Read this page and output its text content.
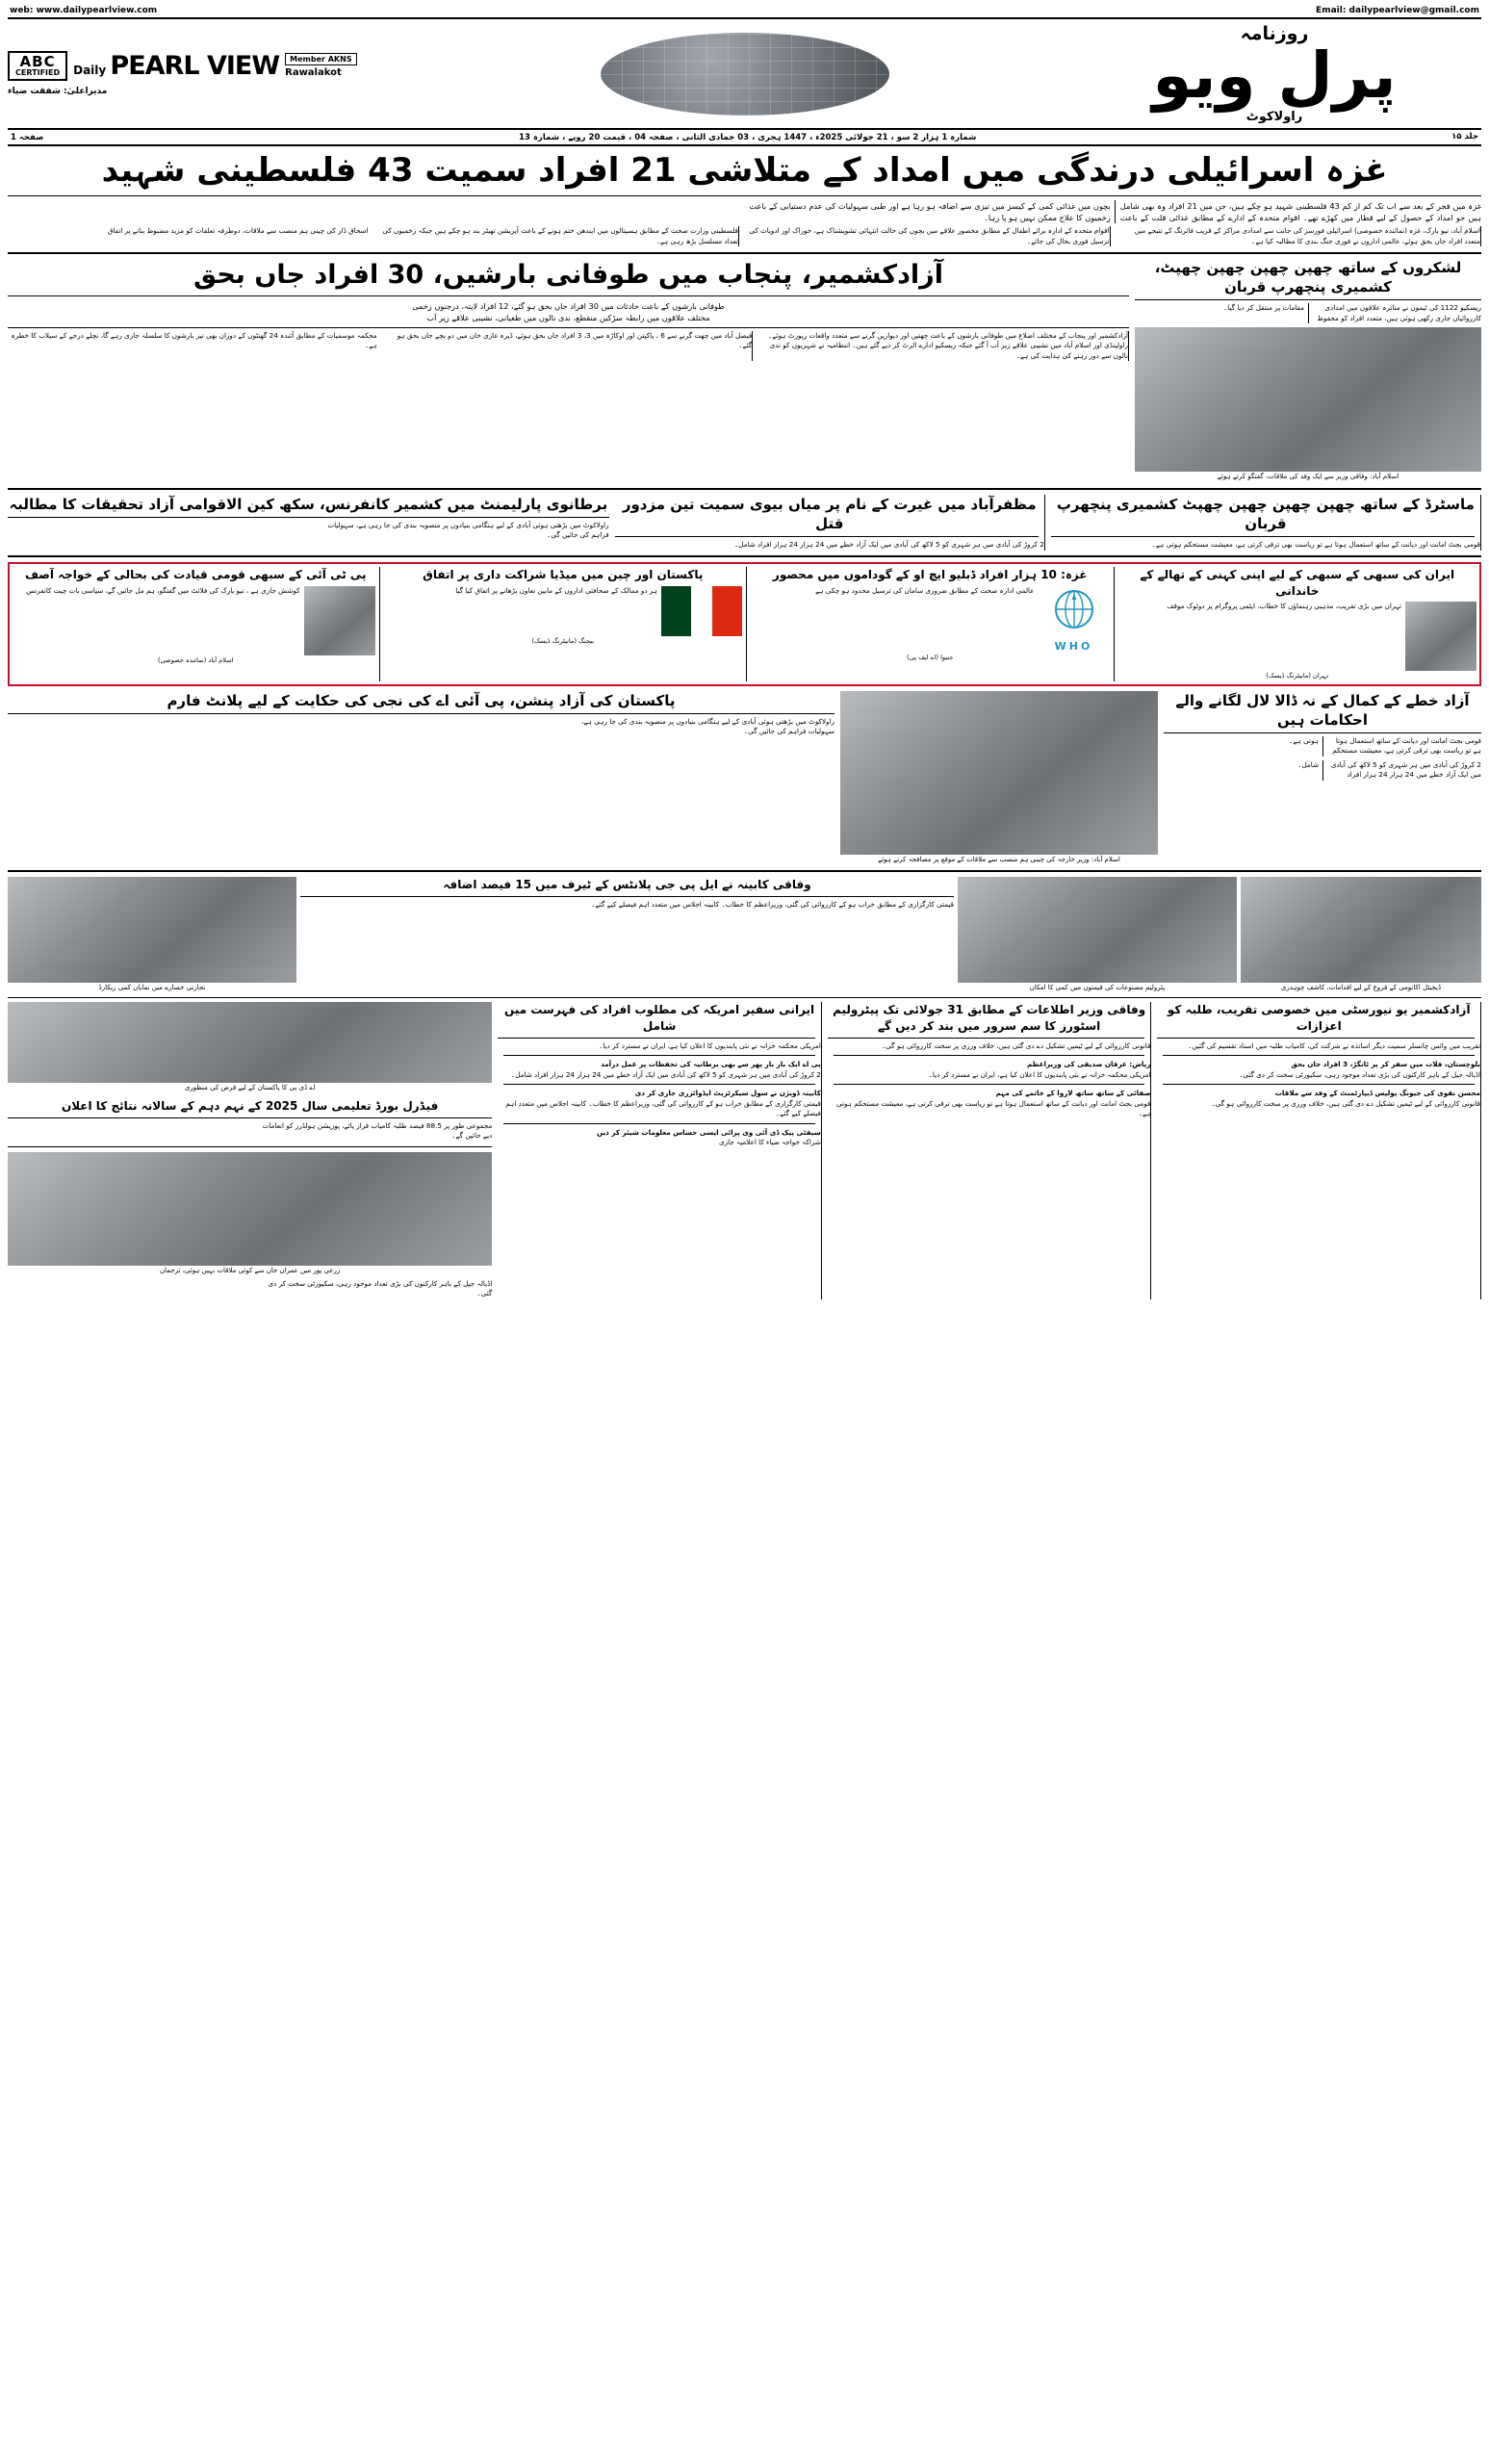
web: www.dailypearlview.com	Email: dailypearlview@gmail.com
روزنامہ
پرل ویو
راولاکوٹ
ABC
CERTIFIED	Daily PEARL VIEW	Member AKNS
Rawalakot
مدیراعلیٰ: شفقت ضیاء
جلد ۱۵
شمارہ 1 ہزار 2 سو ، 21 جولائی 2025ء ، 1447 ہجری ، 03 جمادی الثانی ، صفحہ 04 ، قیمت 20 روپے ، شمارہ 13
صفحہ 1
غزہ اسرائیلی درندگی میں امداد کے متلاشی 21 افراد سمیت 43 فلسطینی شہید
غزہ میں فجر کے بعد سے اب تک کم از کم 43 فلسطینی شہید ہو چکے ہیں، جن میں 21 افراد وہ بھی شامل ہیں جو امداد کے حصول کے لیے قطار میں کھڑے تھے۔ اقوام متحدہ کے ادارے کے مطابق غذائی قلت کے باعث بچوں میں غذائی کمی کے کیسز میں تیزی سے اضافہ ہو رہا ہے اور طبی سہولیات کی عدم دستیابی کے باعث زخمیوں کا علاج ممکن نہیں ہو پا رہا۔
اسلام آباد، نیو یارک، غزہ (نمائندہ خصوصی) اسرائیلی فورسز کی جانب سے امدادی مراکز کے قریب فائرنگ کے نتیجے میں متعدد افراد جاں بحق ہوئے، عالمی اداروں نے فوری جنگ بندی کا مطالبہ کیا ہے۔
اقوام متحدہ کے ادارہ برائے اطفال کے مطابق محصور علاقے میں بچوں کی حالت انتہائی تشویشناک ہے، خوراک اور ادویات کی ترسیل فوری بحال کی جائے۔
فلسطینی وزارت صحت کے مطابق ہسپتالوں میں ایندھن ختم ہونے کے باعث آپریشن تھیٹر بند ہو چکے ہیں جبکہ زخمیوں کی تعداد مسلسل بڑھ رہی ہے۔
اسحاق ڈار کی چینی ہم منصب سے ملاقات، دوطرفہ تعلقات کو مزید مضبوط بنانے پر اتفاق
لشکروں کے ساتھ چھپن چھپن چھپن چھپٹ، کشمیری پنچھرپ قربان
ریسکیو 1122 کی ٹیموں نے متاثرہ علاقوں میں امدادی کارروائیاں جاری رکھی ہوئی ہیں، متعدد افراد کو محفوظ مقامات پر منتقل کر دیا گیا۔
اسلام آباد: وفاقی وزیر سے ایک وفد کی ملاقات، گفتگو کرتے ہوئے
آزادکشمیر، پنجاب میں طوفانی بارشیں، 30 افراد جاں بحق
طوفانی بارشوں کے باعث حادثات میں 30 افراد جاں بحق ہو گئے، 12 افراد لاپتہ، درجنوں زخمی
مختلف علاقوں میں رابطہ سڑکیں منقطع، ندی نالوں میں طغیانی، نشیبی علاقے زیر آب
آزادکشمیر اور پنجاب کے مختلف اضلاع میں طوفانی بارشوں کے باعث چھتیں اور دیواریں گرنے سے متعدد واقعات رپورٹ ہوئے۔ راولپنڈی اور اسلام آباد میں نشیبی علاقے زیر آب آ گئے جبکہ ریسکیو ادارے الرٹ کر دیے گئے ہیں۔ انتظامیہ نے شہریوں کو ندی نالوں سے دور رہنے کی ہدایت کی ہے۔
فیصل آباد میں چھت گرنے سے 6 ، پاکپتن اور اوکاڑہ میں 3، 3 افراد جاں بحق ہوئے، ڈیرہ غازی خان میں دو بچے جاں بحق ہو گئے۔
محکمہ موسمیات کے مطابق آئندہ 24 گھنٹوں کے دوران بھی تیز بارشوں کا سلسلہ جاری رہے گا، نچلے درجے کے سیلاب کا خطرہ ہے۔
ماسٹرڈ کے ساتھ چھپن چھپن چھپن چھپٹ کشمیری پنچھرپ قربان
قومی بجٹ امانت اور دیانت کے ساتھ استعمال ہوتا ہے تو ریاست بھی ترقی کرتی ہے، معیشت مستحکم ہوتی ہے۔
مظفرآباد میں غیرت کے نام پر میاں بیوی سمیت تین مزدور قتل
2 کروڑ کی آبادی میں ہر شہری کو 5 لاکھ کی آبادی میں ایک آزاد خطے میں 24 ہزار 24 ہزار افراد شامل۔
برطانوی پارلیمنٹ میں کشمیر کانفرنس، سکھ کین الاقوامی آزاد تحقیقات کا مطالبہ
راولاکوٹ میں بڑھتی ہوئی آبادی کے لیے ہنگامی بنیادوں پر منصوبہ بندی کی جا رہی ہے، سہولیات فراہم کی جائیں گی۔
ایران کی سبھی کے سبھی کے لیے اپنی کہنی کے تھالے کے خاندانی
تہران میں بڑی تقریب، مذہبی رہنماؤں کا خطاب، ایٹمی پروگرام پر دوٹوک موقف
تہران (مانیٹرنگ ڈیسک)
غزہ: 10 ہزار افراد ڈبلیو ایچ او کے گوداموں میں محصور
WHO
عالمی ادارہ صحت کے مطابق ضروری سامان کی ترسیل محدود ہو چکی ہے
جنیوا (اے ایف پی)
پاکستان اور چین میں میڈیا شراکت داری پر اتفاق
ہر دو ممالک کے صحافتی اداروں کے مابین تعاون بڑھانے پر اتفاق کیا گیا
بیجنگ (مانیٹرنگ ڈیسک)
پی ٹی آئی کے سبھی قومی قیادت کی بحالی کے خواجہ آصف
کوشش جاری ہے ، نیو یارک کی فلائٹ میں گفتگو، ہم مل جائیں گے، سیاسی بات چیت کانفرنس
اسلام آباد (نمائندہ خصوصی)
آزاد خطے کے کمال کے نہ ڈالا لال لگانے والے احکامات ہیں
قومی بجٹ امانت اور دیانت کے ساتھ استعمال ہوتا ہے تو ریاست بھی ترقی کرتی ہے، معیشت مستحکم ہوتی ہے۔
2 کروڑ کی آبادی میں ہر شہری کو 5 لاکھ کی آبادی میں ایک آزاد خطے میں 24 ہزار 24 ہزار افراد شامل۔
اسلام آباد: وزیر خارجہ کی چینی ہم منصب سے ملاقات کے موقع پر مصافحہ کرتے ہوئے
پاکستان کی آزاد پنشن، پی آئی اے کی نجی کی حکایت کے لیے پلانٹ فارم
راولاکوٹ میں بڑھتی ہوئی آبادی کے لیے ہنگامی بنیادوں پر منصوبہ بندی کی جا رہی ہے، سہولیات فراہم کی جائیں گی۔
ڈیجیٹل اکانومی کے فروغ کے لیے اقدامات، کاشف چوہدری
پٹرولیم مصنوعات کی قیمتوں میں کمی کا امکان
وفاقی کابینہ نے ایل پی جی پلانٹس کے ٹیرف میں 15 فیصد اضافہ
قیمتی کارگزاری کے مطابق خراب ہو کے کارروائی کی گئی، وزیراعظم کا خطاب۔ کابینہ اجلاس میں متعدد اہم فیصلے کیے گئے۔
تجارتی خسارے میں نمایاں کمی ریکارڈ
آزادکشمیر یو نیورسٹی میں خصوصی تقریب، طلبہ کو اعزازات
تقریب میں وائس چانسلر سمیت دیگر اساتذہ نے شرکت کی، کامیاب طلبہ میں اسناد تقسیم کی گئیں۔
بلوچستان، فلات میں سفر کر پر ٹانگڑ، 3 افراد جاں بحق
اڈیالہ جیل کے باہر کارکنوں کی بڑی تعداد موجود رہی، سکیورٹی سخت کر دی گئی۔
محسن نقوی کی جیونگ پولیس ڈیپارٹمنٹ کے وفد سے ملاقات
قانونی کارروائی کے لیے ٹیمیں تشکیل دے دی گئی ہیں، خلاف ورزی پر سخت کارروائی ہو گی۔
وفاقی وزیر اطلاعات کے مطابق 31 جولائی تک پیٹرولیم اسٹورز کا سم سرور میں بند کر دیں گے
قانونی کارروائی کے لیے ٹیمیں تشکیل دے دی گئی ہیں، خلاف ورزی پر سخت کارروائی ہو گی۔
ریاض: عرفان صدیقی کی وزیراعظم
امریکی محکمہ خزانہ نے نئی پابندیوں کا اعلان کیا ہے، ایران نے مسترد کر دیا۔
صفائی کے ساتھ ساتھ لاروا کے خاتمے کی مہم
قومی بجٹ امانت اور دیانت کے ساتھ استعمال ہوتا ہے تو ریاست بھی ترقی کرتی ہے، معیشت مستحکم ہوتی ہے۔
ایرانی سفیر امریکہ کی مطلوب افراد کی فہرست میں شامل
امریکی محکمہ خزانہ نے نئی پابندیوں کا اعلان کیا ہے، ایران نے مسترد کر دیا۔
پی اے ایک بار بار پھر سے بھی برطانیہ کی تحفظات پر عمل درآمد
2 کروڑ کی آبادی میں ہر شہری کو 5 لاکھ کی آبادی میں ایک آزاد خطے میں 24 ہزار 24 ہزار افراد شامل۔
کابینہ ڈویژن نے سول سیکرٹریٹ ایڈوائزری جاری کر دی
قیمتی کارگزاری کے مطابق خراب ہو کے کارروائی کی گئی، وزیراعظم کا خطاب۔ کابینہ اجلاس میں متعدد اہم فیصلے کیے گئے۔
سیفٹی پیک ڈی آئی وی پرائی ایسی حساس معلومات شیئر کر دیں
شراکہ خواجہ ضیاء کا اعلامیہ جاری
اے ڈی بی کا پاکستان کے لیے قرض کی منظوری
فیڈرل بورڈ تعلیمی سال 2025 کے نہم دہم کے سالانہ نتائج کا اعلان
مجموعی طور پر 88.5 فیصد طلبہ کامیاب قرار پائے، پوزیشن ہولڈرز کو انعامات دیے جائیں گے۔
زرعی پور میں عمران خان سے کوئی ملاقات نہیں ہوئی، ترجمان
اڈیالہ جیل کے باہر کارکنوں کی بڑی تعداد موجود رہی، سکیورٹی سخت کر دی گئی۔
